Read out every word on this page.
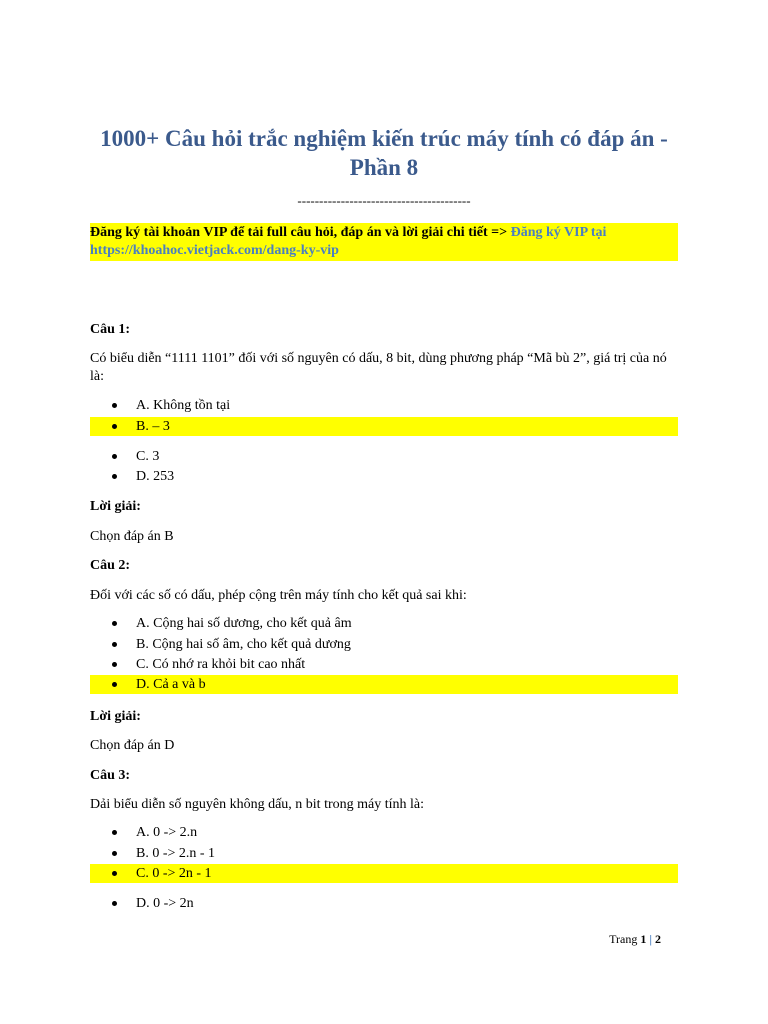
1000+ Câu hỏi trắc nghiệm kiến trúc máy tính có đáp án -
Phần 8
----------------------------------------
Đăng ký tài khoản VIP để tải full câu hỏi, đáp án và lời giải chi tiết => Đăng ký VIP tại https://khoahoc.vietjack.com/dang-ky-vip
Câu 1:
Có biểu diễn “1111 1101” đối với số nguyên có dấu, 8 bit, dùng phương pháp “Mã bù 2”, giá trị của nó là:
A. Không tồn tại
B. – 3
C. 3
D. 253
Lời giải:
Chọn đáp án B
Câu 2:
Đối với các số có dấu, phép cộng trên máy tính cho kết quả sai khi:
A. Cộng hai số dương, cho kết quả âm
B. Cộng hai số âm, cho kết quả dương
C. Có nhớ ra khỏi bit cao nhất
D. Cả a và b
Lời giải:
Chọn đáp án D
Câu 3:
Dải biểu diễn số nguyên không dấu, n bit trong máy tính là:
A. 0 -> 2.n
B. 0 -> 2.n - 1
C. 0 -> 2n - 1
D. 0 -> 2n
Trang 1 | 2
